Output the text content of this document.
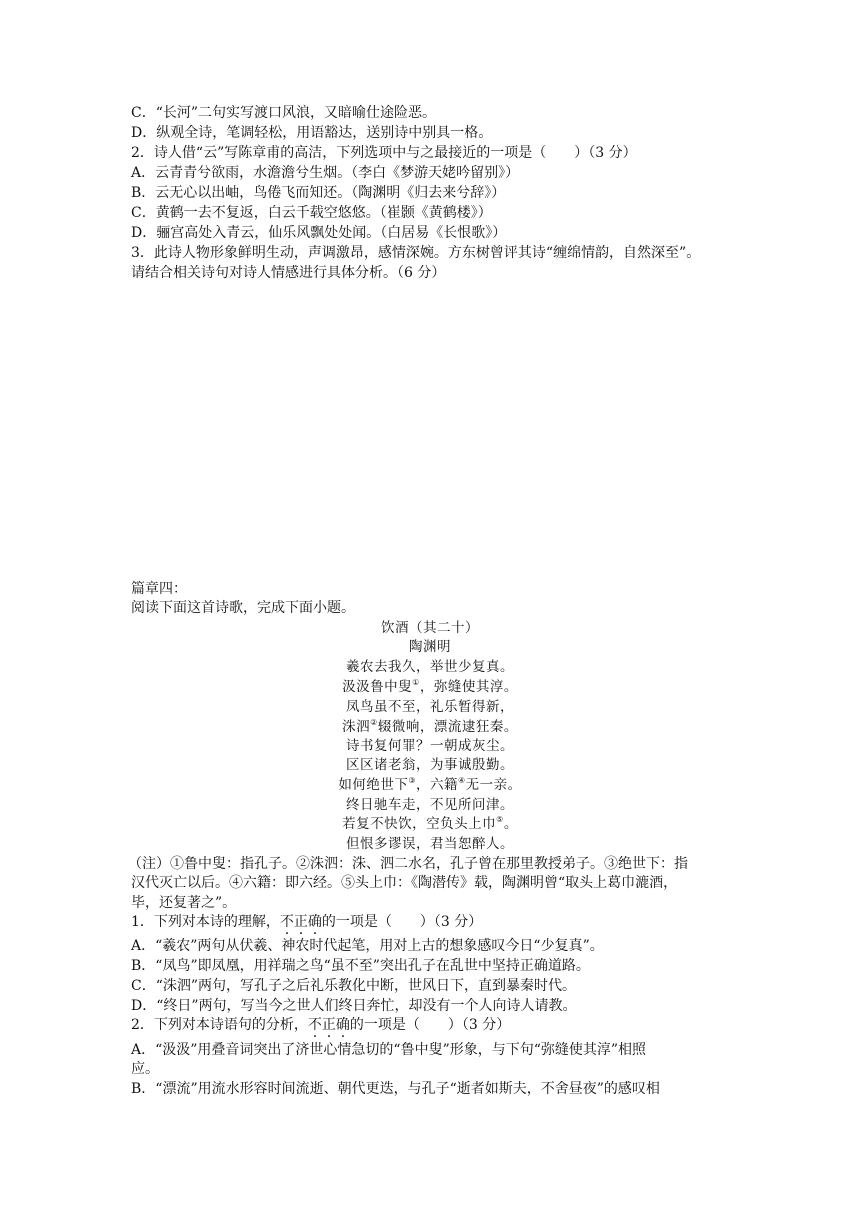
C．“长河”二句实写渡口风浪，又暗喻仕途险恶。
D．纵观全诗，笔调轻松，用语豁达，送别诗中别具一格。
2．诗人借“云”写陈章甫的高洁，下列选项中与之最接近的一项是（　　）（3 分）
A．云青青兮欲雨，水澹澹兮生烟。（李白《梦游天姥吟留别》）
B．云无心以出岫，鸟倦飞而知还。（陶渊明《归去来兮辞》）
C．黄鹤一去不复返，白云千载空悠悠。（崔颢《黄鹤楼》）
D．骊宫高处入青云，仙乐风飘处处闻。（白居易《长恨歌》）
3．此诗人物形象鲜明生动，声调激昂，感情深婉。方东树曾评其诗“缠绵情韵，自然深至”。
请结合相关诗句对诗人情感进行具体分析。（6 分）
篇章四：
阅读下面这首诗歌，完成下面小题。
饮酒（其二十）
陶渊明
羲农去我久，举世少复真。
汲汲鲁中叟①，弥缝使其淳。
凤鸟虽不至，礼乐暂得新，
洙泗②辍微响，漂流逮狂秦。
诗书复何罪？一朝成灰尘。
区区诸老翁，为事诚殷勤。
如何绝世下③，六籍④无一亲。
终日驰车走，不见所问津。
若复不快饮，空负头上巾⑤。
但恨多谬误，君当恕醉人。
（注）①鲁中叟：指孔子。②洙泗：洙、泗二水名，孔子曾在那里教授弟子。③绝世下：指
汉代灭亡以后。④六籍：即六经。⑤头上巾：《陶潜传》载，陶渊明曾“取头上葛巾漉酒，
毕，还复著之”。
1．下列对本诗的理解，不正确的一项是（　　）（3 分）
A．“羲农”两句从伏羲、神农时代起笔，用对上古的想象感叹今日“少复真”。
B．“凤鸟”即凤凰，用祥瑞之鸟“虽不至”突出孔子在乱世中坚持正确道路。
C．“洙泗”两句，写孔子之后礼乐教化中断，世风日下，直到暴秦时代。
D．“终日”两句，写当今之世人们终日奔忙，却没有一个人向诗人请教。
2．下列对本诗语句的分析，不正确的一项是（　　）（3 分）
A．“汲汲”用叠音词突出了济世心情急切的“鲁中叟”形象，与下句“弥缝使其淳”相照
应。
B．“漂流”用流水形容时间流逝、朝代更迭，与孔子“逝者如斯夫，不舍昼夜”的感叹相
